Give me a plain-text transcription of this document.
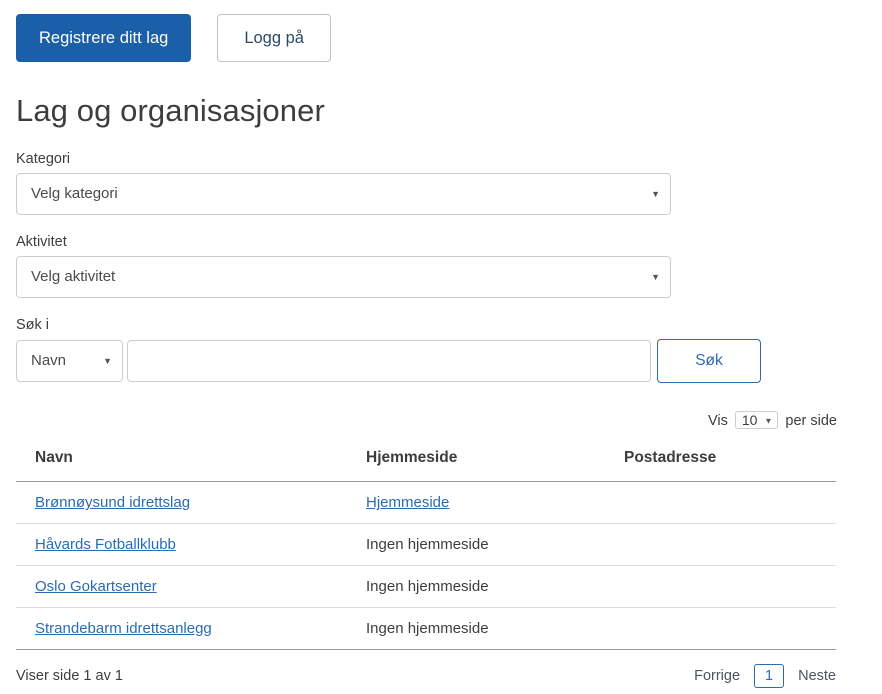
Registrere ditt lag	Logg på
Lag og organisasjoner
Kategori
Velg kategori	▼
Aktivitet
Velg aktivitet	▼
Søk i
Navn	▼	Søk
Vis	10 ▼ per side
Navn	Hjemmeside	Postadresse
Brønnøysund idrettslag	Hjemmeside	
Håvards Fotballklubb	Ingen hjemmeside	
Oslo Gokartsenter	Ingen hjemmeside	
Strandebarm idrettsanlegg	Ingen hjemmeside	
Viser side 1 av 1	Forrige	1	Neste
